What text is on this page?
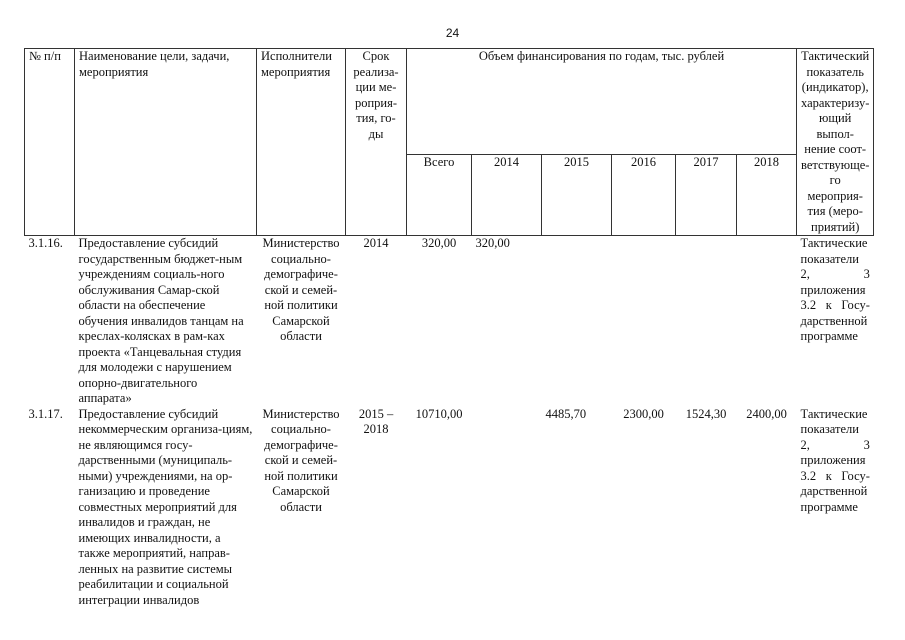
24
№ п/п	Наименование цели, задачи, мероприятия	Исполнители мероприятия	Срок реализа-ции ме-роприя-тия, го-ды	Объем финансирования по годам, тыс. рублей						Тактический показатель (индикатор), характеризу-ющий выпол-нение соот-ветствующе-го мероприя-тия (меро-приятий)
				Всего	2014	2015	2016	2017	2018	
3.1.16.	Предоставление субсидий государственным бюджет-ным учреждениям социаль-ного обслуживания Самар-ской области на обеспечение обучения инвалидов танцам на креслах-колясках в рам-ках проекта «Танцевальная студия для молодежи с нарушением опорно-двигательного аппарата»	Министерство социально-демографиче-ской и семей-ной политики Самарской области	2014	320,00	320,00					Тактические показатели 2, 3 приложения 3.2 к Госу-дарственной программе
3.1.17.	Предоставление субсидий некоммерческим организа-циям, не являющимся госу-дарственными (муниципаль-ными) учреждениями, на ор-ганизацию и проведение совместных мероприятий для инвалидов и граждан, не имеющих инвалидности, а также мероприятий, направ-ленных на развитие системы реабилитации и социальной интеграции инвалидов	Министерство социально-демографиче-ской и семей-ной политики Самарской области	2015 – 2018	10710,00		4485,70	2300,00	1524,30	2400,00	Тактические показатели 2, 3 приложения 3.2 к Госу-дарственной программе
